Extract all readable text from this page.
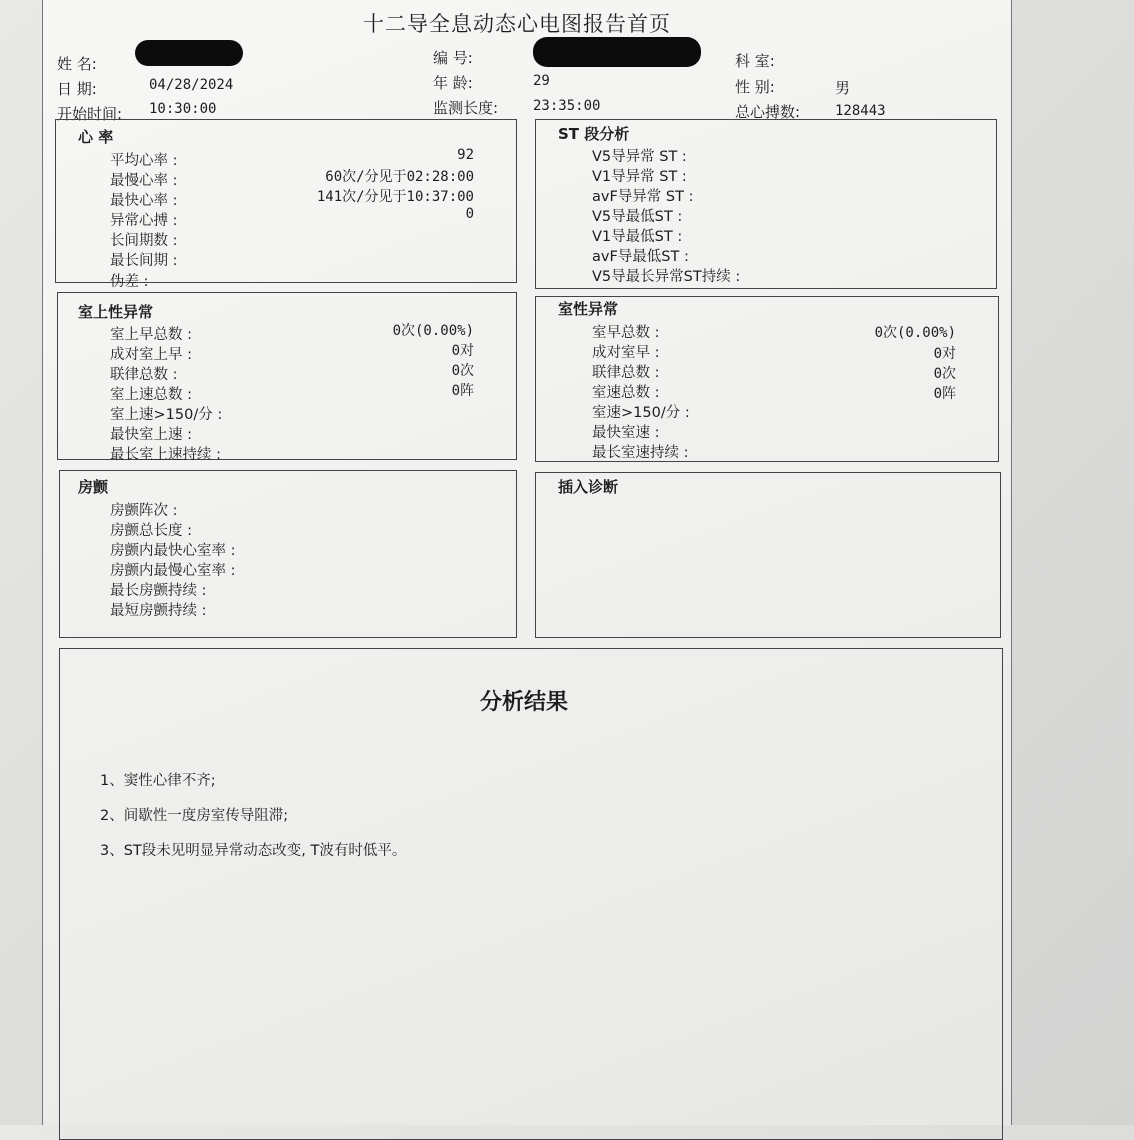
十二导全息动态心电图报告首页
姓 名:
日 期:	04/28/2024
开始时间: 10:30:00
编 号:
年 龄:	29
监测长度: 23:35:00
科 室:
性 别:	男
总心搏数: 128443
心 率
平均心率 :	92
最慢心率 :	60次/分见于02:28:00
最快心率 :	141次/分见于10:37:00
异常心搏 :	0
长间期数 :
最长间期 :
伪差 :
ST 段分析
V5导异常 ST :
V1导异常 ST :
avF导异常 ST :
V5导最低ST :
V1导最低ST :
avF导最低ST :
V5导最长异常ST持续 :
室上性异常
室上早总数 :	0次(0.00%)
成对室上早 :	0对
联律总数 :	0次
室上速总数 :	0阵
室上速>150/分 :
最快室上速 :
最长室上速持续 :
室性异常
室早总数 :	0次(0.00%)
成对室早 :	0对
联律总数 :	0次
室速总数 :	0阵
室速>150/分 :
最快室速 :
最长室速持续 :
房颤
房颤阵次 :
房颤总长度 :
房颤内最快心室率 :
房颤内最慢心室率 :
最长房颤持续 :
最短房颤持续 :
插入诊断
分析结果
1、窦性心律不齐;
2、间歇性一度房室传导阻滞;
3、ST段未见明显异常动态改变, T波有时低平。
